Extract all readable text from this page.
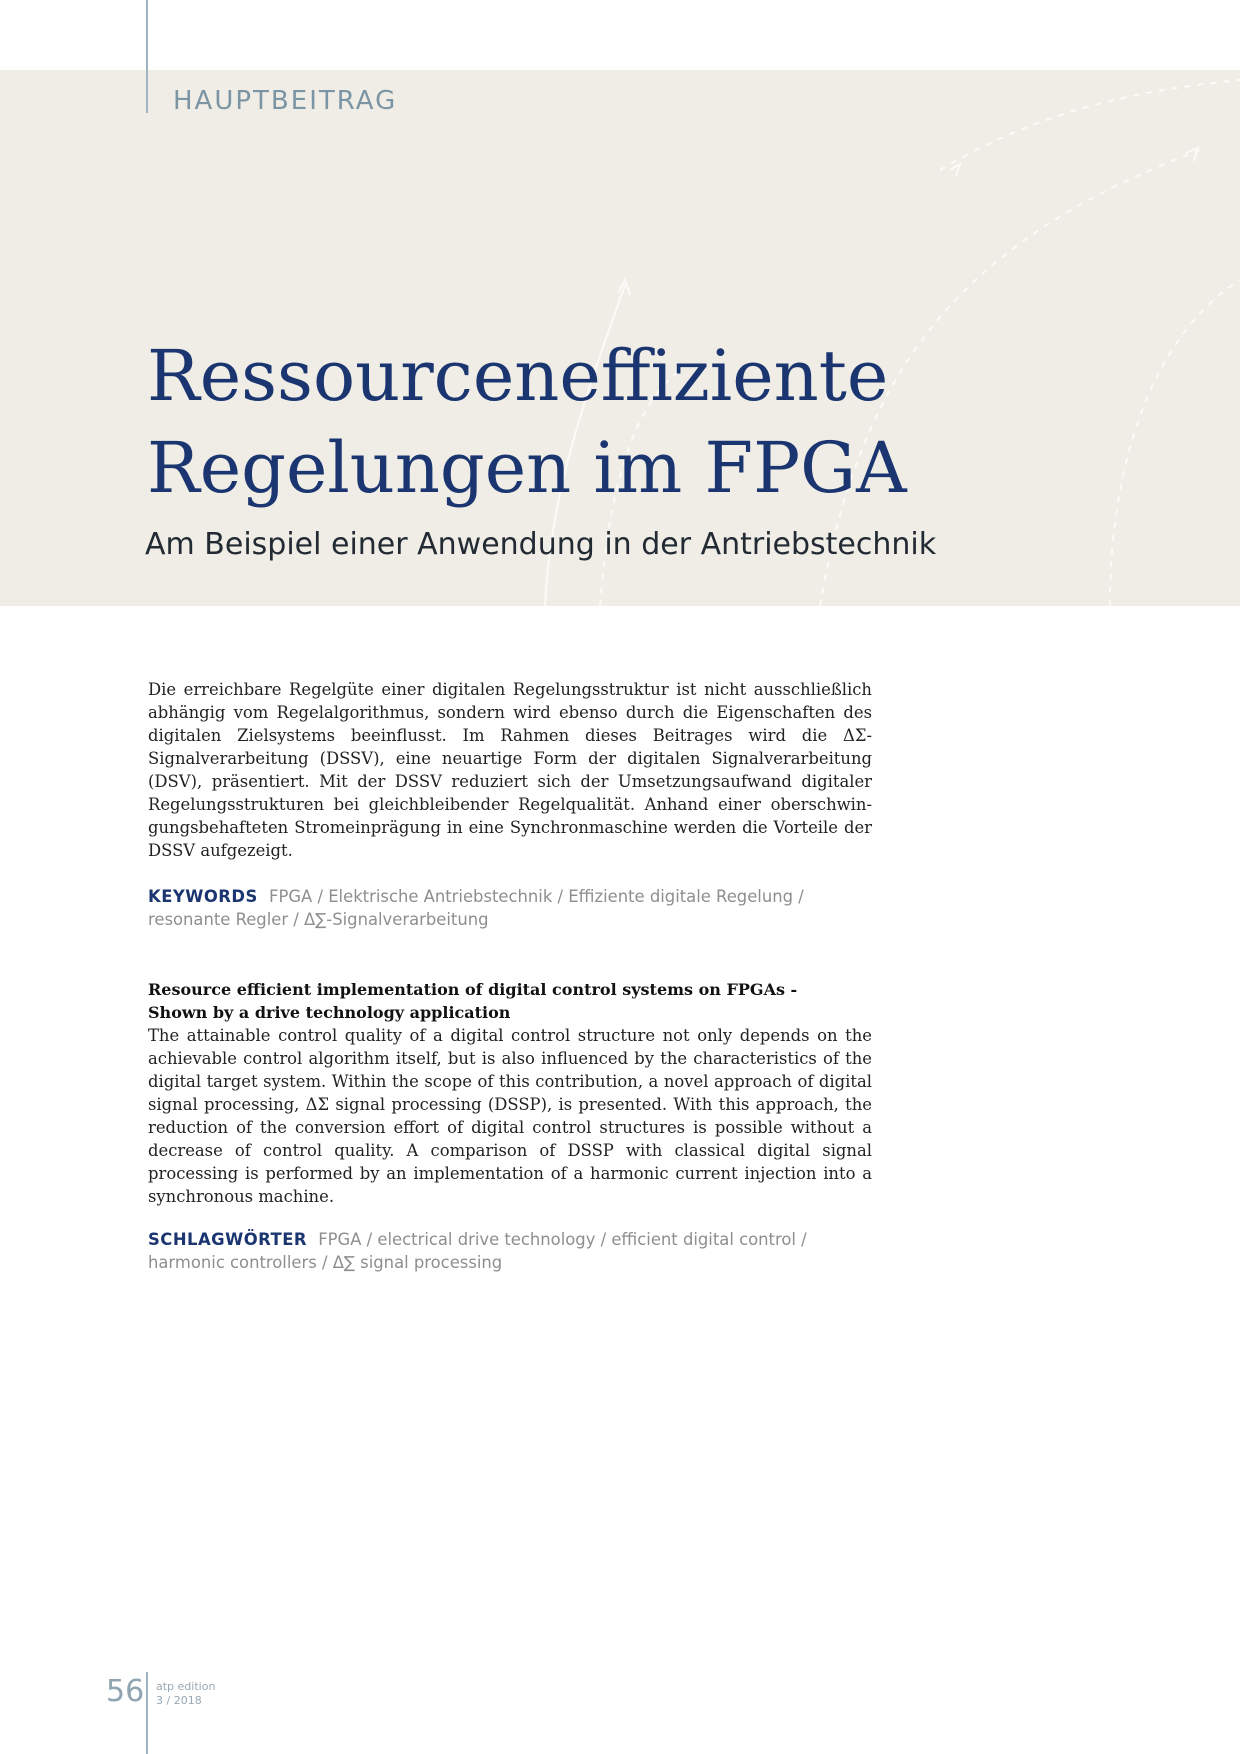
HAUPTBEITRAG
Ressourceneffiziente
Regelungen im FPGA
Am Beispiel einer Anwendung in der Antriebstechnik

Die erreichbare Regelgüte einer digitalen Regelungsstruktur ist nicht ausschließlich abhängig vom Regelalgorithmus, sondern wird ebenso durch die Eigenschaften des digitalen Zielsystems beeinflusst. Im Rahmen dieses Beitrages wird die ΔΣ-Signalverarbeitung (DSSV), eine neuartige Form der digitalen Signalverarbeitung (DSV), präsentiert. Mit der DSSV reduziert sich der Umsetzungsaufwand digitaler Regelungsstrukturen bei gleichbleibender Regelqualität. Anhand einer oberschwingungsbehafteten Stromeinprägung in eine Synchronmaschine werden die Vorteile der DSSV aufgezeigt.

KEYWORDS FPGA / Elektrische Antriebstechnik / Effiziente digitale Regelung / resonante Regler / Δ∑-Signalverarbeitung
Resource efficient implementation of digital control systems on FPGAs -
Shown by a drive technology application

The attainable control quality of a digital control structure not only depends on the achievable control algorithm itself, but is also influenced by the characteristics of the digital target system. Within the scope of this contribution, a novel approach of digital signal processing, ΔΣ signal processing (DSSP), is presented. With this approach, the reduction of the conversion effort of digital control structures is possible without a decrease of control quality. A comparison of DSSP with classical digital signal processing is performed by an implementation of a harmonic current injection into a synchronous machine.

SCHLAGWÖRTER FPGA / electrical drive technology / efficient digital control / harmonic controllers / Δ∑ signal processing
56 atp edition
3 / 2018
